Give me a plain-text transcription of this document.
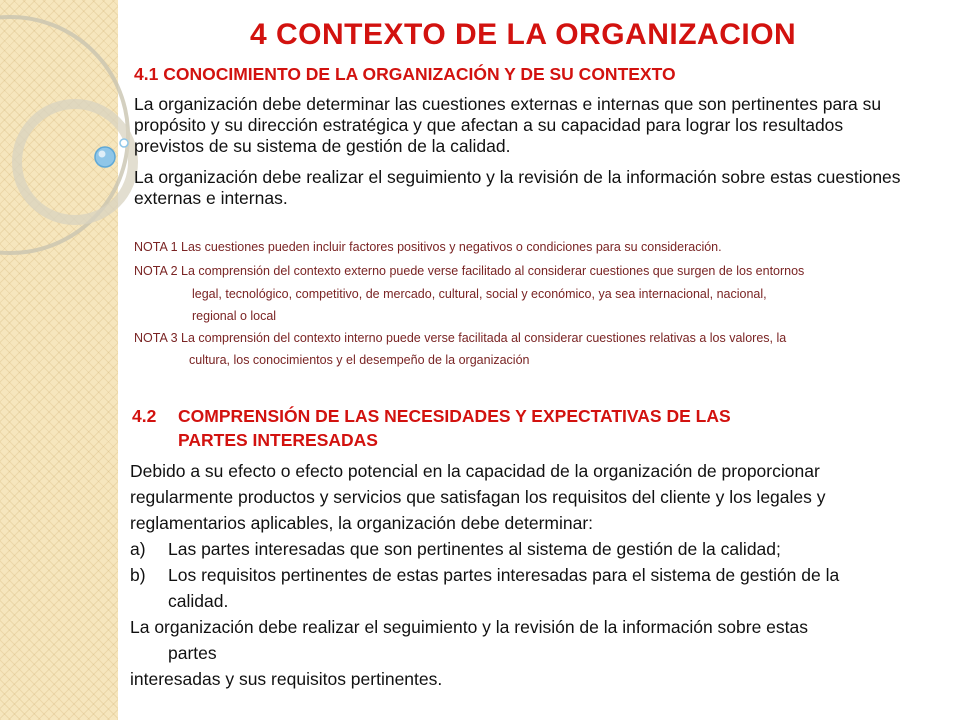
4 CONTEXTO DE LA ORGANIZACION
4.1 CONOCIMIENTO DE LA ORGANIZACIÓN Y DE SU CONTEXTO
La organización debe determinar las cuestiones externas e internas que son pertinentes para su propósito y su dirección estratégica y que afectan a su capacidad para lograr los resultados previstos de su sistema de gestión de la calidad.
La organización debe realizar el seguimiento y la revisión de la información sobre estas cuestiones externas e internas.
NOTA 1 Las cuestiones pueden incluir factores positivos y negativos o condiciones para su consideración.
NOTA 2 La comprensión del contexto externo puede verse facilitado al considerar cuestiones que surgen de los entornos
legal, tecnológico, competitivo, de mercado, cultural, social y económico, ya sea internacional, nacional,
regional o local
NOTA 3 La comprensión del contexto interno puede verse facilitada al considerar cuestiones relativas a los valores, la
cultura, los conocimientos y el desempeño de la organización
4.2 COMPRENSIÓN DE LAS NECESIDADES Y EXPECTATIVAS DE LAS
PARTES INTERESADAS
Debido a su efecto o efecto potencial en la capacidad de la organización de proporcionar
regularmente productos y servicios que satisfagan los requisitos del cliente y los legales y
reglamentarios aplicables, la organización debe determinar:
a) Las partes interesadas que son pertinentes al sistema de gestión de la calidad;
b) Los requisitos pertinentes de estas partes interesadas para el sistema de gestión de la
calidad.
La organización debe realizar el seguimiento y la revisión de la información sobre estas
partes
interesadas y sus requisitos pertinentes.
